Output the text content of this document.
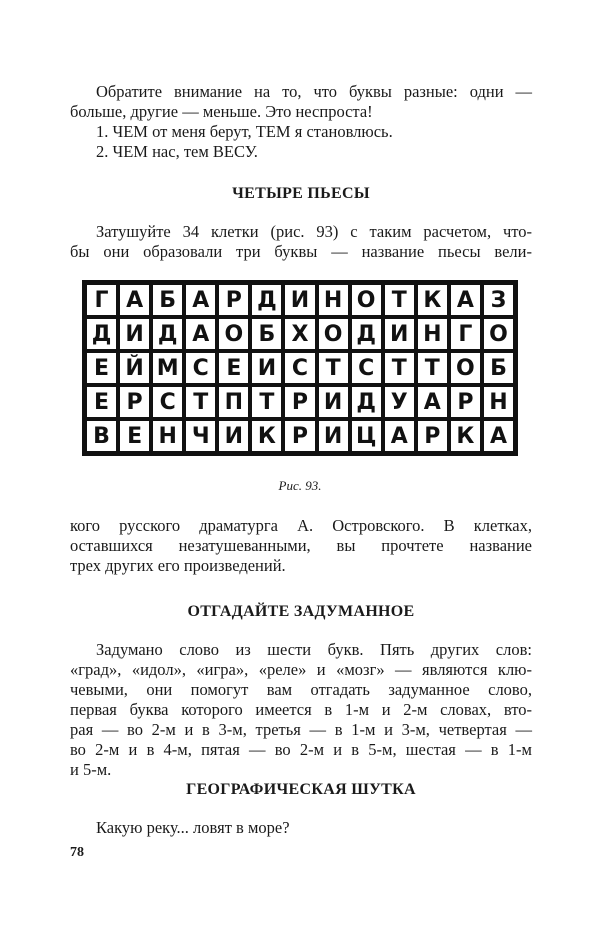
Обратите внимание на то, что буквы разные: одни —
больше, другие — меньше. Это неспроста!
1. ЧЕМ от меня берут, ТЕМ я становлюсь.
2. ЧЕМ нас, тем ВЕСУ.
ЧЕТЫРЕ ПЬЕСЫ
Затушуйте 34 клетки (рис. 93) с таким расчетом, что-
бы они образовали три буквы — название пьесы вели-
Г А Б А Р Д И Н О Т К А З
Д И Д А О Б Х О Д И Н Г О
Е Й М С Е И С Т С Т Т О Б
Е Р С Т П Т Р И Д У А Р Н
В Е Н Ч И К Р И Ц А Р К А
Рис. 93.
кого русского драматурга А. Островского. В клетках,
оставшихся незатушеванными, вы прочтете название
трех других его произведений.
ОТГАДАЙТЕ ЗАДУМАННОЕ
Задумано слово из шести букв. Пять других слов:
«град», «идол», «игра», «реле» и «мозг» — являются клю-
чевыми, они помогут вам отгадать задуманное слово,
первая буква которого имеется в 1-м и 2-м словах, вто-
рая — во 2-м и в 3-м, третья — в 1-м и 3-м, четвертая —
во 2-м и в 4-м, пятая — во 2-м и в 5-м, шестая — в 1-м
и 5-м.
ГЕОГРАФИЧЕСКАЯ ШУТКА
Какую реку... ловят в море?
78
